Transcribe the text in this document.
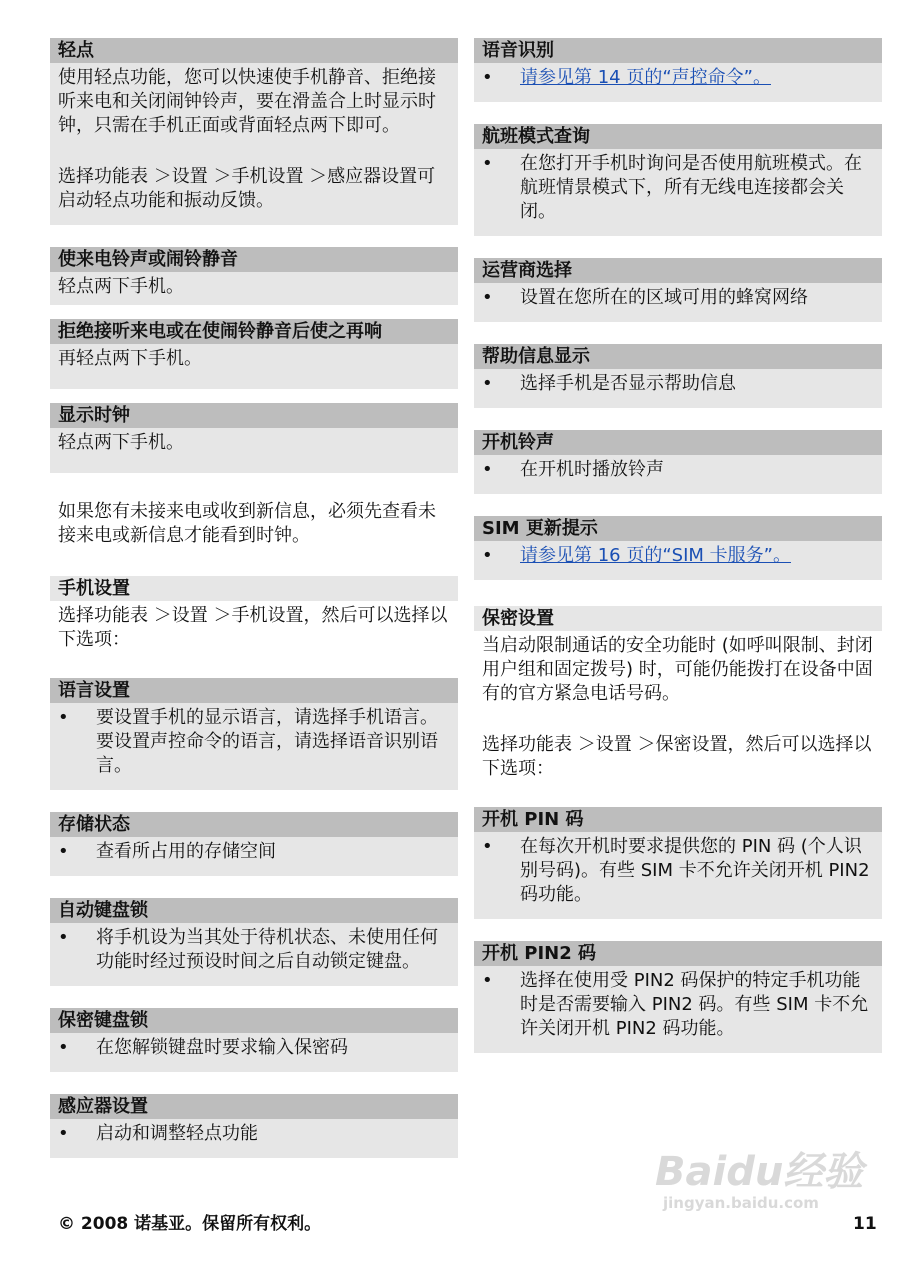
轻点
使用轻点功能，您可以快速使手机静音、拒绝接听来电和关闭闹钟铃声，要在滑盖合上时显示时钟，只需在手机正面或背面轻点两下即可。
选择功能表 ＞设置 ＞手机设置 ＞感应器设置可启动轻点功能和振动反馈。
使来电铃声或闹铃静音
轻点两下手机。
拒绝接听来电或在使闹铃静音后使之再响
再轻点两下手机。
显示时钟
轻点两下手机。
如果您有未接来电或收到新信息，必须先查看未接来电或新信息才能看到时钟。
手机设置
选择功能表 ＞设置 ＞手机设置，然后可以选择以下选项：
语言设置
• 要设置手机的显示语言，请选择手机语言。要设置声控命令的语言，请选择语音识别语言。
存储状态
• 查看所占用的存储空间
自动键盘锁
• 将手机设为当其处于待机状态、未使用任何功能时经过预设时间之后自动锁定键盘。
保密键盘锁
• 在您解锁键盘时要求输入保密码
感应器设置
• 启动和调整轻点功能
语音识别
• 请参见第 14 页的“声控命令”。
航班模式查询
• 在您打开手机时询问是否使用航班模式。在航班情景模式下，所有无线电连接都会关闭。
运营商选择
• 设置在您所在的区域可用的蜂窝网络
帮助信息显示
• 选择手机是否显示帮助信息
开机铃声
• 在开机时播放铃声
SIM 更新提示
• 请参见第 16 页的“SIM 卡服务”。
保密设置
当启动限制通话的安全功能时 (如呼叫限制、封闭用户组和固定拨号) 时，可能仍能拨打在设备中固有的官方紧急电话号码。
选择功能表 ＞设置 ＞保密设置，然后可以选择以下选项：
开机 PIN 码
• 在每次开机时要求提供您的 PIN 码 (个人识别号码)。有些 SIM 卡不允许关闭开机 PIN2 码功能。
开机 PIN2 码
• 选择在使用受 PIN2 码保护的特定手机功能时是否需要输入 PIN2 码。有些 SIM 卡不允许关闭开机 PIN2 码功能。
Baidu经验
jingyan.baidu.com
© 2008 诺基亚。保留所有权利。	11
